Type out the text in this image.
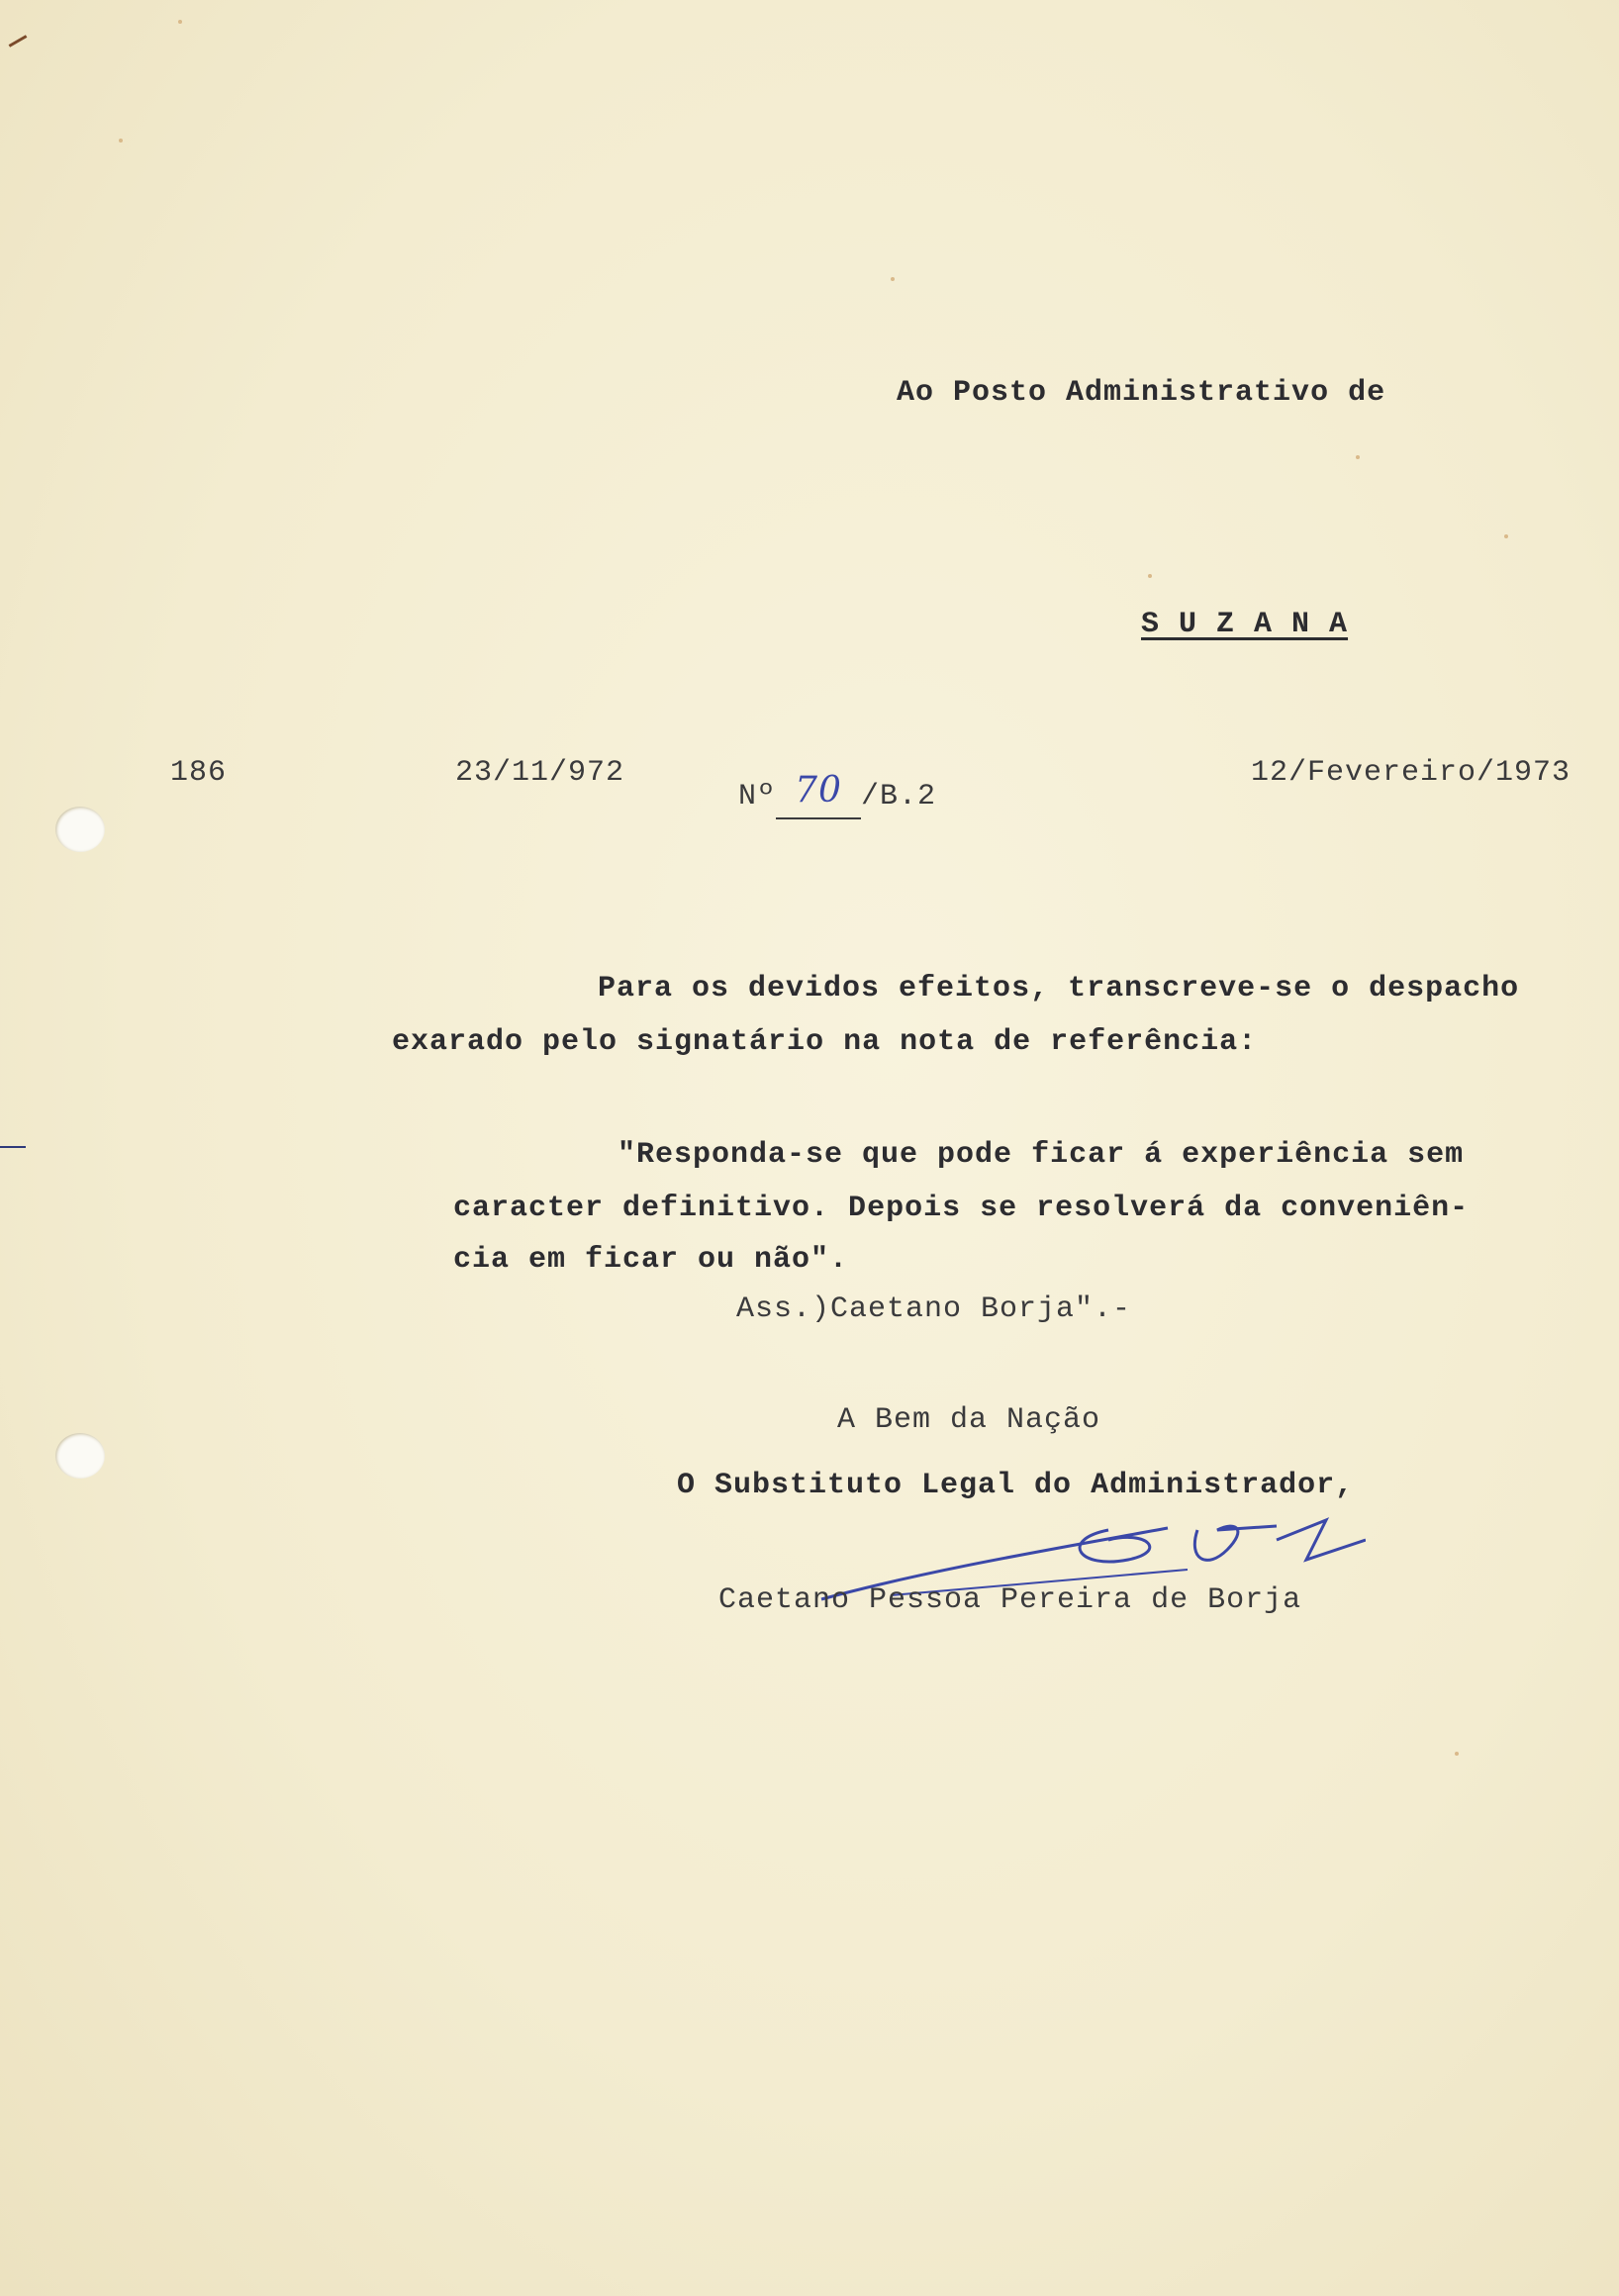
Ao Posto Administrativo de
S U Z A N A
186	23/11/972
Nº 70 /B.2
12/Fevereiro/1973
Para os devidos efeitos, transcreve-se o despacho
exarado pelo signatário na nota de referência:
"Responda-se que pode ficar á experiência sem
caracter definitivo. Depois se resolverá da conveniên-
cia em ficar ou não".
Ass.)Caetano Borja".-
A Bem da Nação
O Substituto Legal do Administrador,
Caetano Pessoa Pereira de Borja
